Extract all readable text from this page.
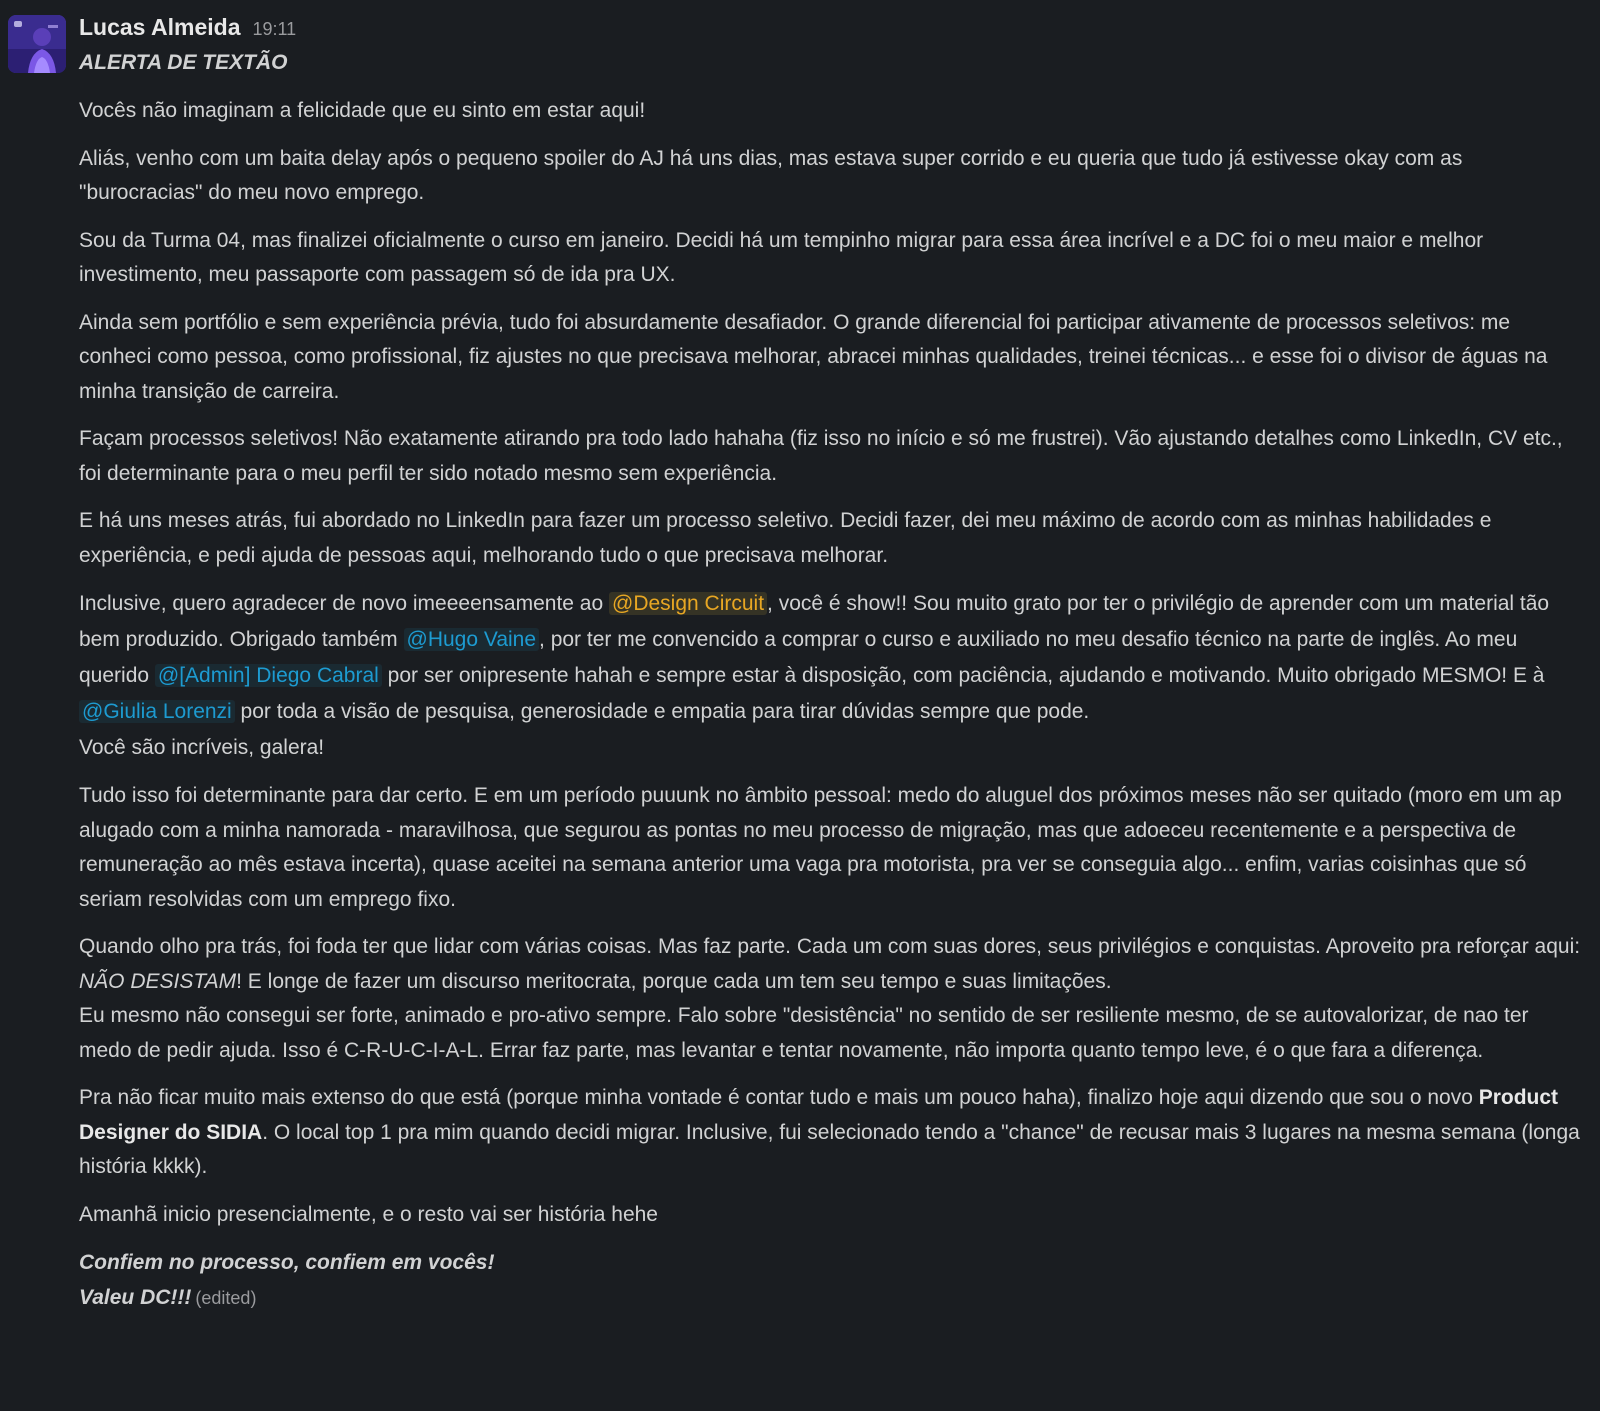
Lucas Almeida 19:11
ALERTA DE TEXTÃO

Vocês não imaginam a felicidade que eu sinto em estar aqui!

Aliás, venho com um baita delay após o pequeno spoiler do AJ há uns dias, mas estava super corrido e eu queria que tudo já estivesse okay com as "burocracias" do meu novo emprego.

Sou da Turma 04, mas finalizei oficialmente o curso em janeiro. Decidi há um tempinho migrar para essa área incrível e a DC foi o meu maior e melhor investimento, meu passaporte com passagem só de ida pra UX.

Ainda sem portfólio e sem experiência prévia, tudo foi absurdamente desafiador. O grande diferencial foi participar ativamente de processos seletivos: me conheci como pessoa, como profissional, fiz ajustes no que precisava melhorar, abracei minhas qualidades, treinei técnicas... e esse foi o divisor de águas na minha transição de carreira.

Façam processos seletivos! Não exatamente atirando pra todo lado hahaha (fiz isso no início e só me frustrei). Vão ajustando detalhes como LinkedIn, CV etc., foi determinante para o meu perfil ter sido notado mesmo sem experiência.

E há uns meses atrás, fui abordado no LinkedIn para fazer um processo seletivo. Decidi fazer, dei meu máximo de acordo com as minhas habilidades e experiência, e pedi ajuda de pessoas aqui, melhorando tudo o que precisava melhorar.

Inclusive, quero agradecer de novo imeeeensamente ao @Design Circuit , você é show!! Sou muito grato por ter o privilégio de aprender com um material tão bem produzido. Obrigado também @Hugo Vaine , por ter me convencido a comprar o curso e auxiliado no meu desafio técnico na parte de inglês. Ao meu querido @[Admin] Diego Cabral por ser onipresente hahah e sempre estar à disposição, com paciência, ajudando e motivando. Muito obrigado MESMO! E à @Giulia Lorenzi por toda a visão de pesquisa, generosidade e empatia para tirar dúvidas sempre que pode.
Você são incríveis, galera!

Tudo isso foi determinante para dar certo. E em um período puuunk no âmbito pessoal: medo do aluguel dos próximos meses não ser quitado (moro em um ap alugado com a minha namorada - maravilhosa, que segurou as pontas no meu processo de migração, mas que adoeceu recentemente e a perspectiva de remuneração ao mês estava incerta), quase aceitei na semana anterior uma vaga pra motorista, pra ver se conseguia algo... enfim, varias coisinhas que só seriam resolvidas com um emprego fixo.

Quando olho pra trás, foi foda ter que lidar com várias coisas. Mas faz parte. Cada um com suas dores, seus privilégios e conquistas. Aproveito pra reforçar aqui: NÃO DESISTAM! E longe de fazer um discurso meritocrata, porque cada um tem seu tempo e suas limitações.
Eu mesmo não consegui ser forte, animado e pro-ativo sempre. Falo sobre "desistência" no sentido de ser resiliente mesmo, de se autovalorizar, de nao ter medo de pedir ajuda. Isso é C-R-U-C-I-A-L. Errar faz parte, mas levantar e tentar novamente, não importa quanto tempo leve, é o que fara a diferença.

Pra não ficar muito mais extenso do que está (porque minha vontade é contar tudo e mais um pouco haha), finalizo hoje aqui dizendo que sou o novo Product Designer do SIDIA. O local top 1 pra mim quando decidi migrar. Inclusive, fui selecionado tendo a "chance" de recusar mais 3 lugares na mesma semana (longa história kkkk).

Amanhã inicio presencialmente, e o resto vai ser história hehe

Confiem no processo, confiem em vocês!
Valeu DC!!! (edited)
